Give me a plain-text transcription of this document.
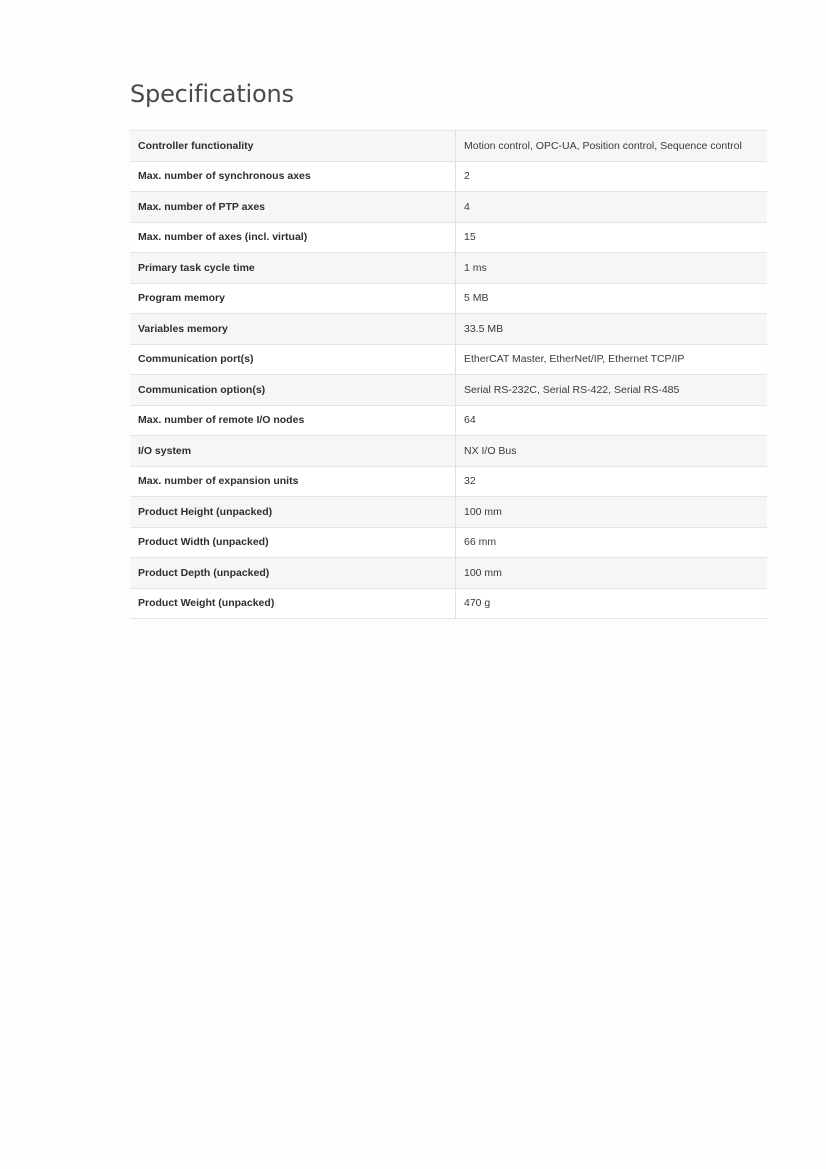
Specifications
Controller functionality	Motion control, OPC-UA, Position control, Sequence control
Max. number of synchronous axes	2
Max. number of PTP axes	4
Max. number of axes (incl. virtual)	15
Primary task cycle time	1 ms
Program memory	5 MB
Variables memory	33.5 MB
Communication port(s)	EtherCAT Master, EtherNet/IP, Ethernet TCP/IP
Communication option(s)	Serial RS-232C, Serial RS-422, Serial RS-485
Max. number of remote I/O nodes	64
I/O system	NX I/O Bus
Max. number of expansion units	32
Product Height (unpacked)	100 mm
Product Width (unpacked)	66 mm
Product Depth (unpacked)	100 mm
Product Weight (unpacked)	470 g
